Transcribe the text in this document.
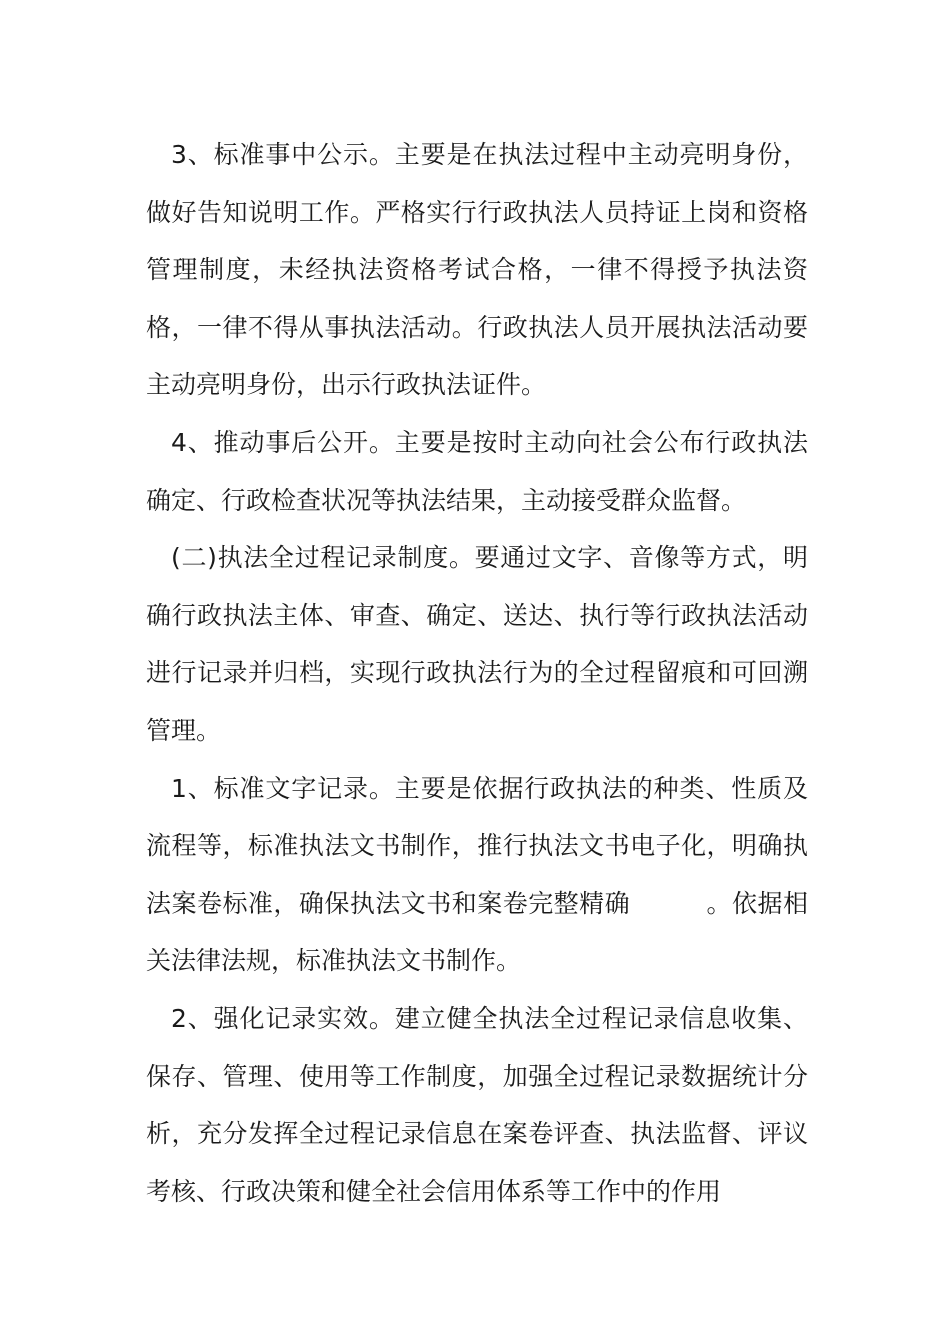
3、标准事中公示。主要是在执法过程中主动亮明身份，做好告知说明工作。严格实行行政执法人员持证上岗和资格管理制度，未经执法资格考试合格，一律不得授予执法资格，一律不得从事执法活动。行政执法人员开展执法活动要主动亮明身份，出示行政执法证件。

4、推动事后公开。主要是按时主动向社会公布行政执法确定、行政检查状况等执法结果，主动接受群众监督。

(二)执法全过程记录制度。要通过文字、音像等方式，明确行政执法主体、审查、确定、送达、执行等行政执法活动进行记录并归档，实现行政执法行为的全过程留痕和可回溯管理。

1、标准文字记录。主要是依据行政执法的种类、性质及流程等，标准执法文书制作，推行执法文书电子化，明确执法案卷标准，确保执法文书和案卷完整精确　　　。依据相关法律法规，标准执法文书制作。

2、强化记录实效。建立健全执法全过程记录信息收集、保存、管理、使用等工作制度，加强全过程记录数据统计分析，充分发挥全过程记录信息在案卷评查、执法监督、评议考核、行政决策和健全社会信用体系等工作中的作用
